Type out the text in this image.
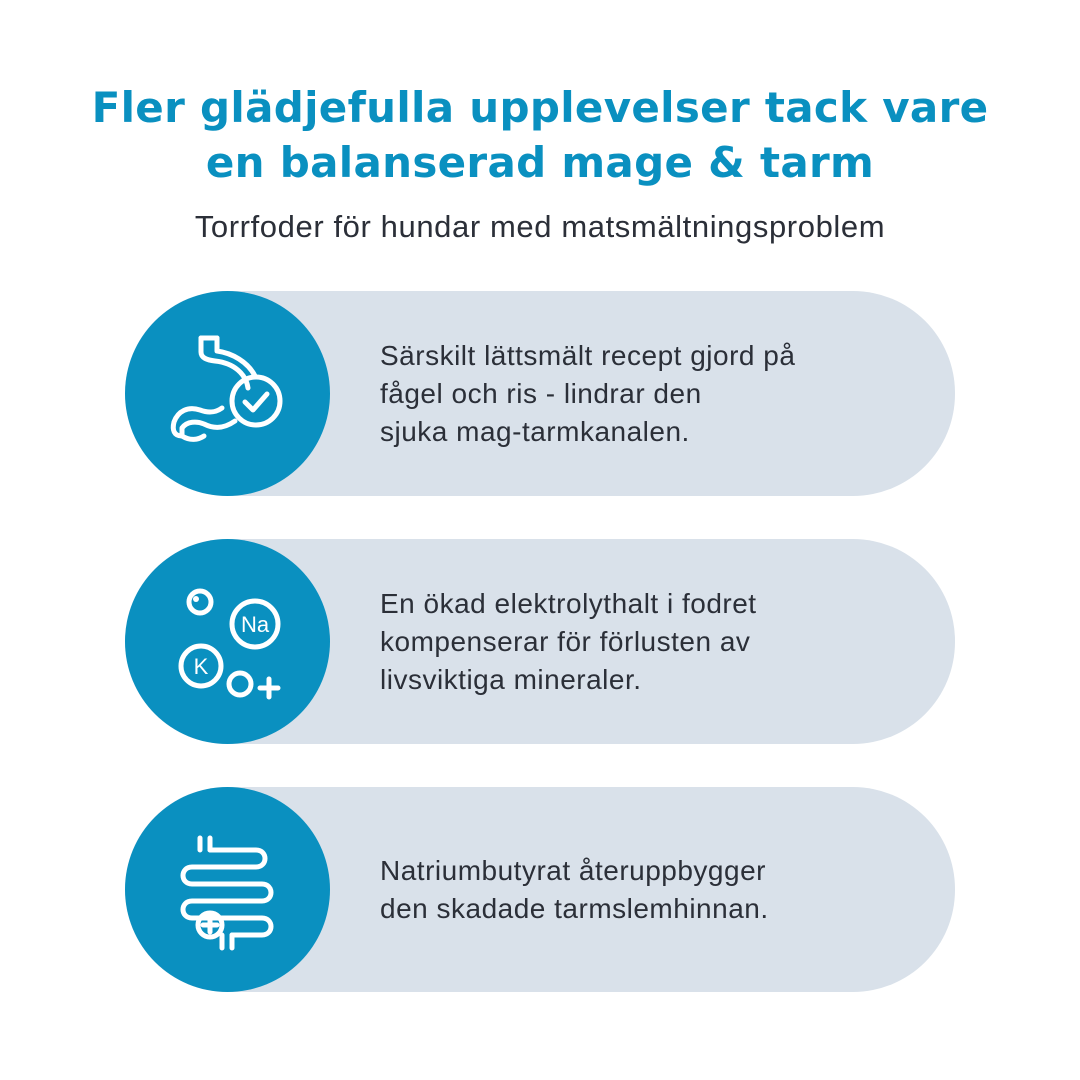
Fler glädjefulla upplevelser tack vare
en balanserad mage & tarm
Torrfoder för hundar med matsmältningsproblem
Särskilt lättsmält recept gjord på
fågel och ris - lindrar den
sjuka mag-tarmkanalen.
Na
K
En ökad elektrolythalt i fodret
kompenserar för förlusten av
livsviktiga mineraler.
Natriumbutyrat återuppbygger
den skadade tarmslemhinnan.
